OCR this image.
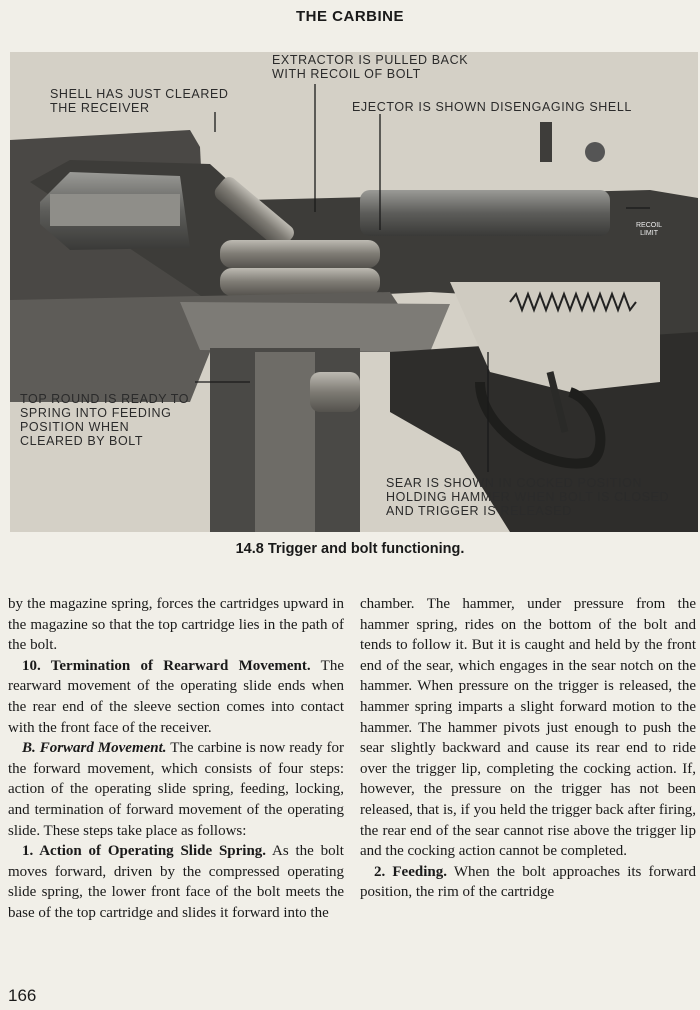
THE CARBINE
EXTRACTOR IS PULLED BACK
WITH RECOIL OF BOLT
SHELL HAS JUST CLEARED
THE RECEIVER	EJECTOR IS SHOWN DISENGAGING SHELL
RECOIL
LIMIT
TOP ROUND IS READY TO
SPRING INTO FEEDING
POSITION WHEN
CLEARED BY BOLT
SEAR IS SHOWN IN COCKED POSITION
HOLDING HAMMER WHEN BOLT IS CLOSED
AND TRIGGER IS RELEASED
14.8 Trigger and bolt functioning.

by the magazine spring, forces the cartridges upward in the magazine so that the top cartridge lies in the path of the bolt.

10. Termination of Rearward Movement. The rearward movement of the operating slide ends when the rear end of the sleeve section comes into contact with the front face of the receiver.

B. Forward Movement. The carbine is now ready for the forward movement, which consists of four steps: action of the operating slide spring, feeding, locking, and termination of forward movement of the operating slide. These steps take place as follows:

1. Action of Operating Slide Spring. As the bolt moves forward, driven by the compressed operating slide spring, the lower front face of the bolt meets the base of the top cartridge and slides it forward into the

chamber. The hammer, under pressure from the hammer spring, rides on the bottom of the bolt and tends to follow it. But it is caught and held by the front end of the sear, which engages in the sear notch on the hammer. When pressure on the trigger is released, the hammer spring imparts a slight forward motion to the hammer. The hammer pivots just enough to push the sear slightly backward and cause its rear end to ride over the trigger lip, completing the cocking action. If, however, the pressure on the trigger has not been released, that is, if you held the trigger back after firing, the rear end of the sear cannot rise above the trigger lip and the cocking action cannot be completed.

2. Feeding. When the bolt approaches its forward position, the rim of the cartridge

166
